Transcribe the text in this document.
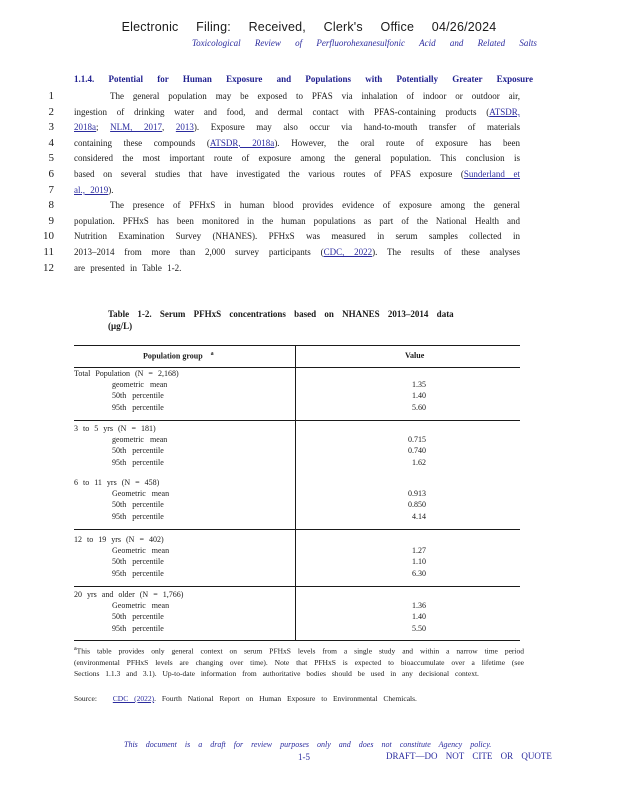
Electronic Filing: Received, Clerk's Office 04/26/2024
Toxicological Review of Perfluorohexanesulfonic Acid and Related Salts
1.1.4. Potential for Human Exposure and Populations with Potentially Greater Exposure
1	The general population may be exposed to PFAS via inhalation of indoor or outdoor air,
2 ingestion of drinking water and food, and dermal contact with PFAS-containing products (ATSDR,
3 2018a; NLM, 2017, 2013). Exposure may also occur via hand-to-mouth transfer of materials
4 containing these compounds (ATSDR, 2018a). However, the oral route of exposure has been
5 considered the most important route of exposure among the general population. This conclusion is
6 based on several studies that have investigated the various routes of PFAS exposure (Sunderland et
7 al., 2019).
8	The presence of PFHxS in human blood provides evidence of exposure among the general
9 population. PFHxS has been monitored in the human populations as part of the National Health and
10 Nutrition Examination Survey (NHANES). PFHxS was measured in serum samples collected in
11 2013–2014 from more than 2,000 survey participants (CDC, 2022). The results of these analyses
12 are presented in Table 1-2.
Table 1-2. Serum PFHxS concentrations based on NHANES 2013–2014 data (μg/L)
Population group $^a$	Value
Total Population (N = 2,168)
geometric mean	1.35
50th percentile	1.40
95th percentile	5.60
3 to 5 yrs (N = 181)
geometric mean	0.715
50th percentile	0.740
95th percentile	1.62
6 to 11 yrs (N = 458)
Geometric mean	0.913
50th percentile	0.850
95th percentile	4.14
12 to 19 yrs (N = 402)
Geometric mean	1.27
50th percentile	1.10
95th percentile	6.30
20 yrs and older (N = 1,766)
Geometric mean	1.36
50th percentile	1.40
95th percentile	5.50
$^a$This table provides only general context on serum PFHxS levels from a single study and within a narrow time period (environmental PFHxS levels are changing over time). Note that PFHxS is expected to bioaccumulate over a lifetime (see Sections 1.1.3 and 3.1). Up-to-date information from authoritative bodies should be used in any decisional context.
Source: CDC (2022). Fourth National Report on Human Exposure to Environmental Chemicals.
This document is a draft for review purposes only and does not constitute Agency policy.
1-5	DRAFT—DO NOT CITE OR QUOTE
